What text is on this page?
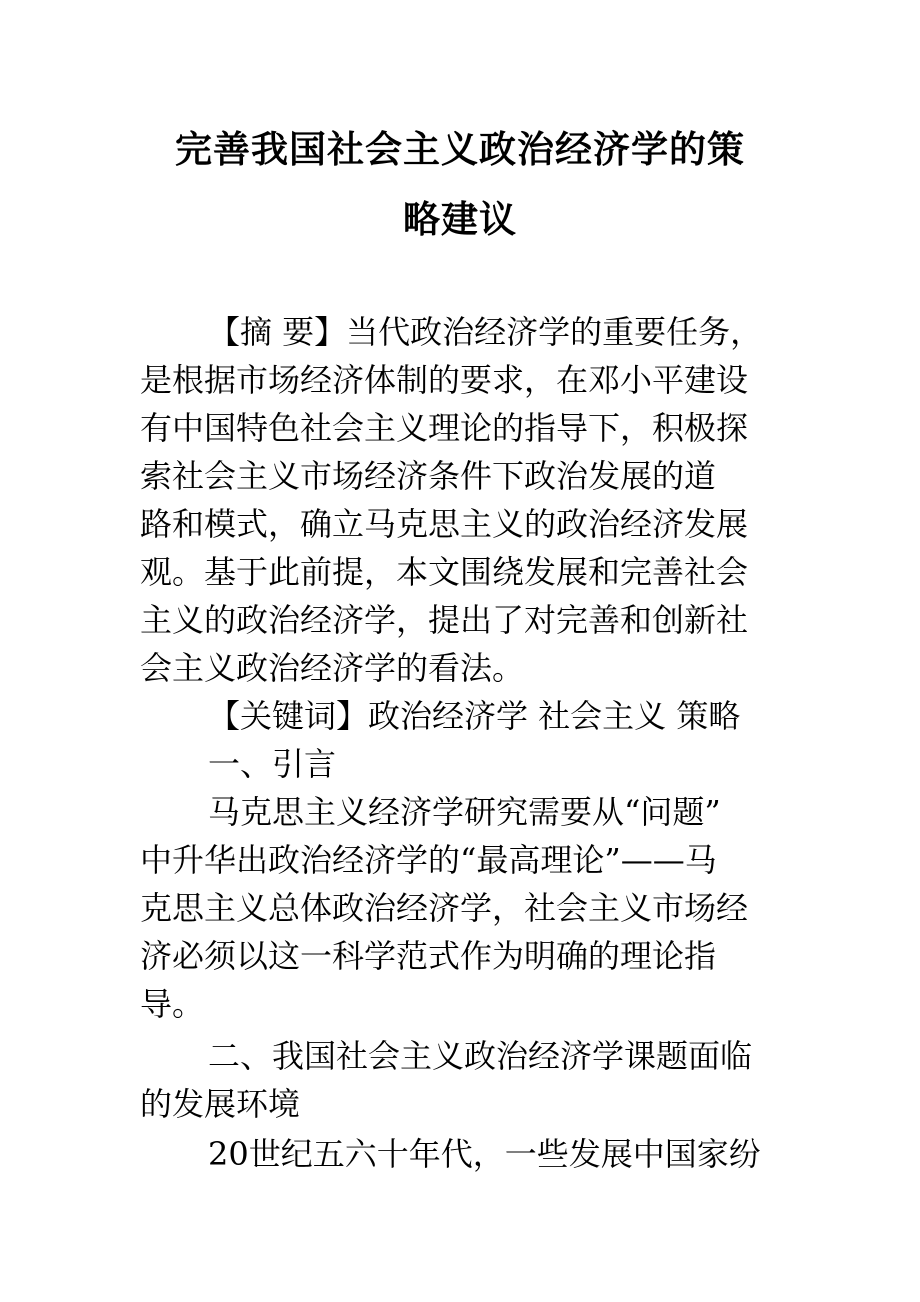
完善我国社会主义政治经济学的策
略建议
【摘 要】当代政治经济学的重要任务，
是根据市场经济体制的要求，在邓小平建设
有中国特色社会主义理论的指导下，积极探
索社会主义市场经济条件下政治发展的道
路和模式，确立马克思主义的政治经济发展
观。基于此前提，本文围绕发展和完善社会
主义的政治经济学，提出了对完善和创新社
会主义政治经济学的看法。
【关键词】政治经济学 社会主义 策略
一、引言
马克思主义经济学研究需要从“问题”
中升华出政治经济学的“最高理论”——马
克思主义总体政治经济学，社会主义市场经
济必须以这一科学范式作为明确的理论指
导。
二、我国社会主义政治经济学课题面临
的发展环境
20世纪五六十年代，一些发展中国家纷
